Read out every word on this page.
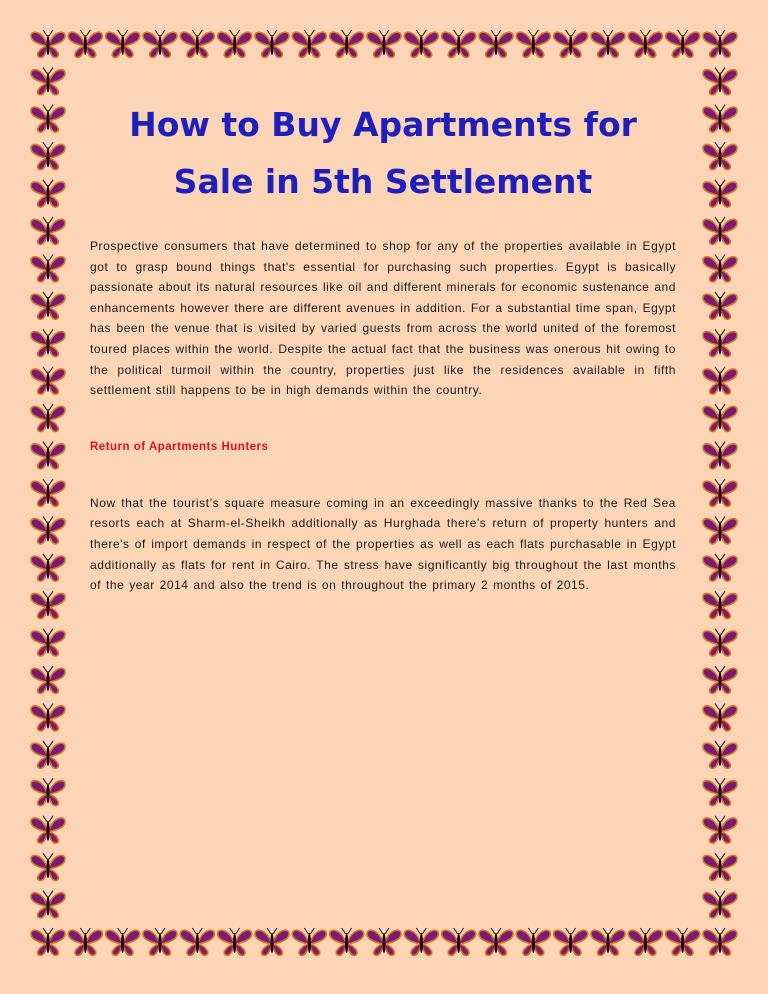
How to Buy Apartments for Sale in 5th Settlement

Prospective consumers that have determined to shop for any of the properties available in Egypt got to grasp bound things that's essential for purchasing such properties. Egypt is basically passionate about its natural resources like oil and different minerals for economic sustenance and enhancements however there are different avenues in addition. For a substantial time span, Egypt has been the venue that is visited by varied guests from across the world united of the foremost toured places within the world. Despite the actual fact that the business was onerous hit owing to the political turmoil within the country, properties just like the residences available in fifth settlement still happens to be in high demands within the country.

Return of Apartments Hunters

Now that the tourist’s square measure coming in an exceedingly massive thanks to the Red Sea resorts each at Sharm-el-Sheikh additionally as Hurghada there's return of property hunters and there's of import demands in respect of the properties as well as each flats purchasable in Egypt additionally as flats for rent in Cairo. The stress have significantly big throughout the last months of the year 2014 and also the trend is on throughout the primary 2 months of 2015.
